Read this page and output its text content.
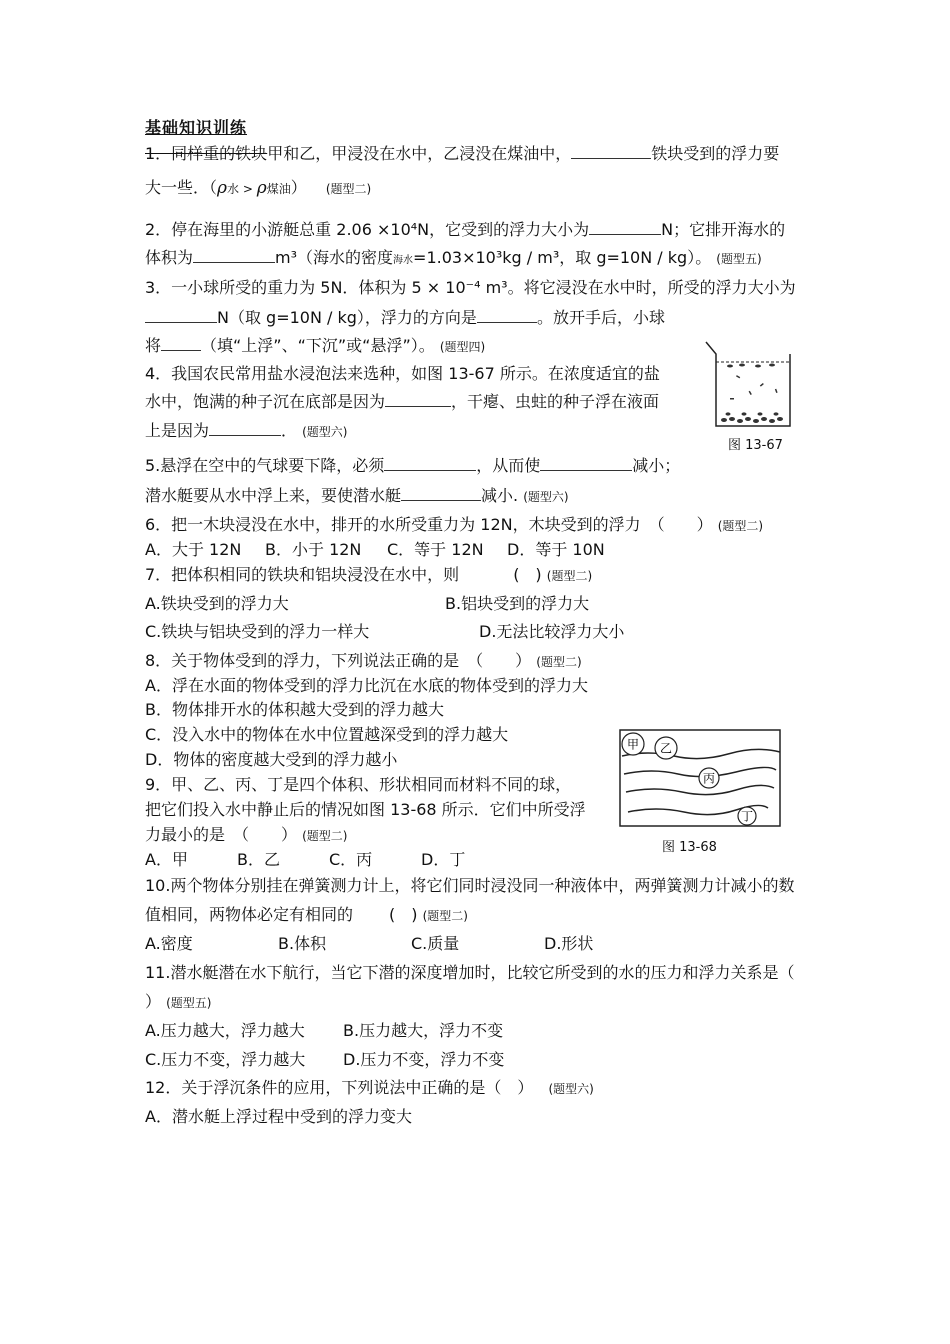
基础知识训练
1．同样重的铁块甲和乙，甲浸没在水中，乙浸没在煤油中，	铁块受到的浮力要
大一些．（ρ水 > ρ煤油） (题型二)
2．停在海里的小游艇总重 2.06 ×10⁴N，它受到的浮力大小为	N；它排开海水的
体积为	m³（海水的密度海水=1.03×10³kg / m³，取 g=10N / kg）。 (题型五)
3．一小球所受的重力为 5N．体积为 5 × 10⁻⁴ m³。将它浸没在水中时，所受的浮力大小为
N（取 g=10N / kg），浮力的方向是	。放开手后，小球
将	（填“上浮”、“下沉”或“悬浮”）。 (题型四)
4．我国农民常用盐水浸泡法来选种，如图 13-67 所示。在浓度适宜的盐
水中，饱满的种子沉在底部是因为	，干瘪、虫蛀的种子浮在液面
上是因为	． (题型六)
图 13-67
5.悬浮在空中的气球要下降，必须	，从而使	减小；
潜水艇要从水中浮上来，要使潜水艇	减小. (题型六)
6．把一木块浸没在水中，排开的水所受重力为 12N，木块受到的浮力　（　　） (题型二)
A．大于 12N B．小于 12N C．等于 12N D．等于 10N
7．把体积相同的铁块和铝块浸没在水中，则	(　) (题型二)
A.铁块受到的浮力大	B.铝块受到的浮力大
C.铁块与铝块受到的浮力一样大	D.无法比较浮力大小
8．关于物体受到的浮力，下列说法正确的是　（　　） (题型二)
A．浮在水面的物体受到的浮力比沉在水底的物体受到的浮力大
B．物体排开水的体积越大受到的浮力越大
C．没入水中的物体在水中位置越深受到的浮力越大
D．物体的密度越大受到的浮力越小
9．甲、乙、丙、丁是四个体积、形状相同而材料不同的球，
把它们投入水中静止后的情况如图 13-68 所示．它们中所受浮
力最小的是　（　　） (题型二)
A．甲	B．乙	C．丙	D．丁
甲 乙
丙
丁
图 13-68
10.两个物体分别挂在弹簧测力计上，将它们同时浸没同一种液体中，两弹簧测力计减小的数
值相同，两物体必定有相同的 (　) (题型二)
A.密度	B.体积	C.质量	D.形状
11.潜水艇潜在水下航行，当它下潜的深度增加时，比较它所受到的水的压力和浮力关系是（
） (题型五)
A.压力越大，浮力越大 B.压力越大，浮力不变
C.压力不变，浮力越大 D.压力不变，浮力不变
12．关于浮沉条件的应用，下列说法中正确的是（　） (题型六)
A．潜水艇上浮过程中受到的浮力变大
